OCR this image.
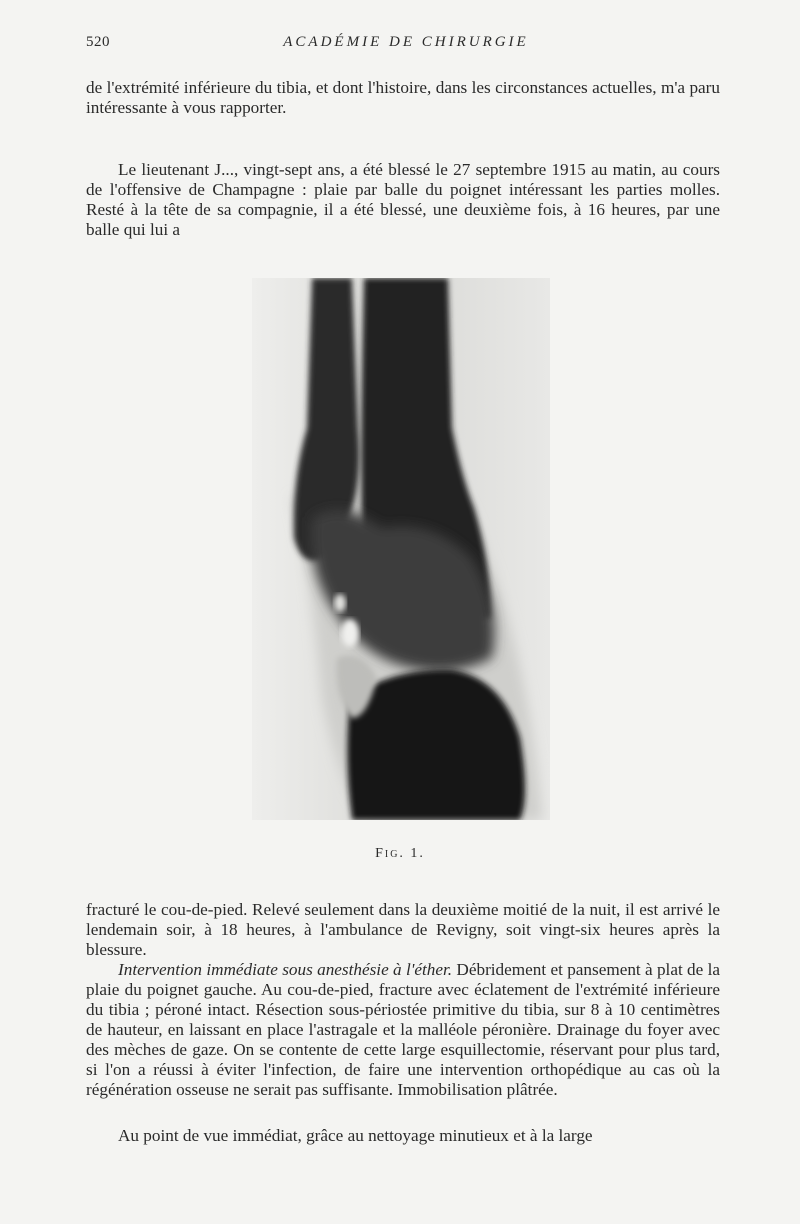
520	ACADÉMIE DE CHIRURGIE

de l'extrémité inférieure du tibia, et dont l'histoire, dans les circonstances actuelles, m'a paru intéressante à vous rapporter.

Le lieutenant J..., vingt-sept ans, a été blessé le 27 septembre 1915 au matin, au cours de l'offensive de Champagne : plaie par balle du poignet intéressant les parties molles. Resté à la tête de sa compagnie, il a été blessé, une deuxième fois, à 16 heures, par une balle qui lui a

Fig. 1.

fracturé le cou-de-pied. Relevé seulement dans la deuxième moitié de la nuit, il est arrivé le lendemain soir, à 18 heures, à l'ambulance de Revigny, soit vingt-six heures après la blessure.

Intervention immédiate sous anesthésie à l'éther. Débridement et pansement à plat de la plaie du poignet gauche. Au cou-de-pied, fracture avec éclatement de l'extrémité inférieure du tibia ; péroné intact. Résection sous-périostée primitive du tibia, sur 8 à 10 centimètres de hauteur, en laissant en place l'astragale et la malléole péronière. Drainage du foyer avec des mèches de gaze. On se contente de cette large esquillectomie, réservant pour plus tard, si l'on a réussi à éviter l'infection, de faire une intervention orthopédique au cas où la régénération osseuse ne serait pas suffisante. Immobilisation plâtrée.

Au point de vue immédiat, grâce au nettoyage minutieux et à la large
